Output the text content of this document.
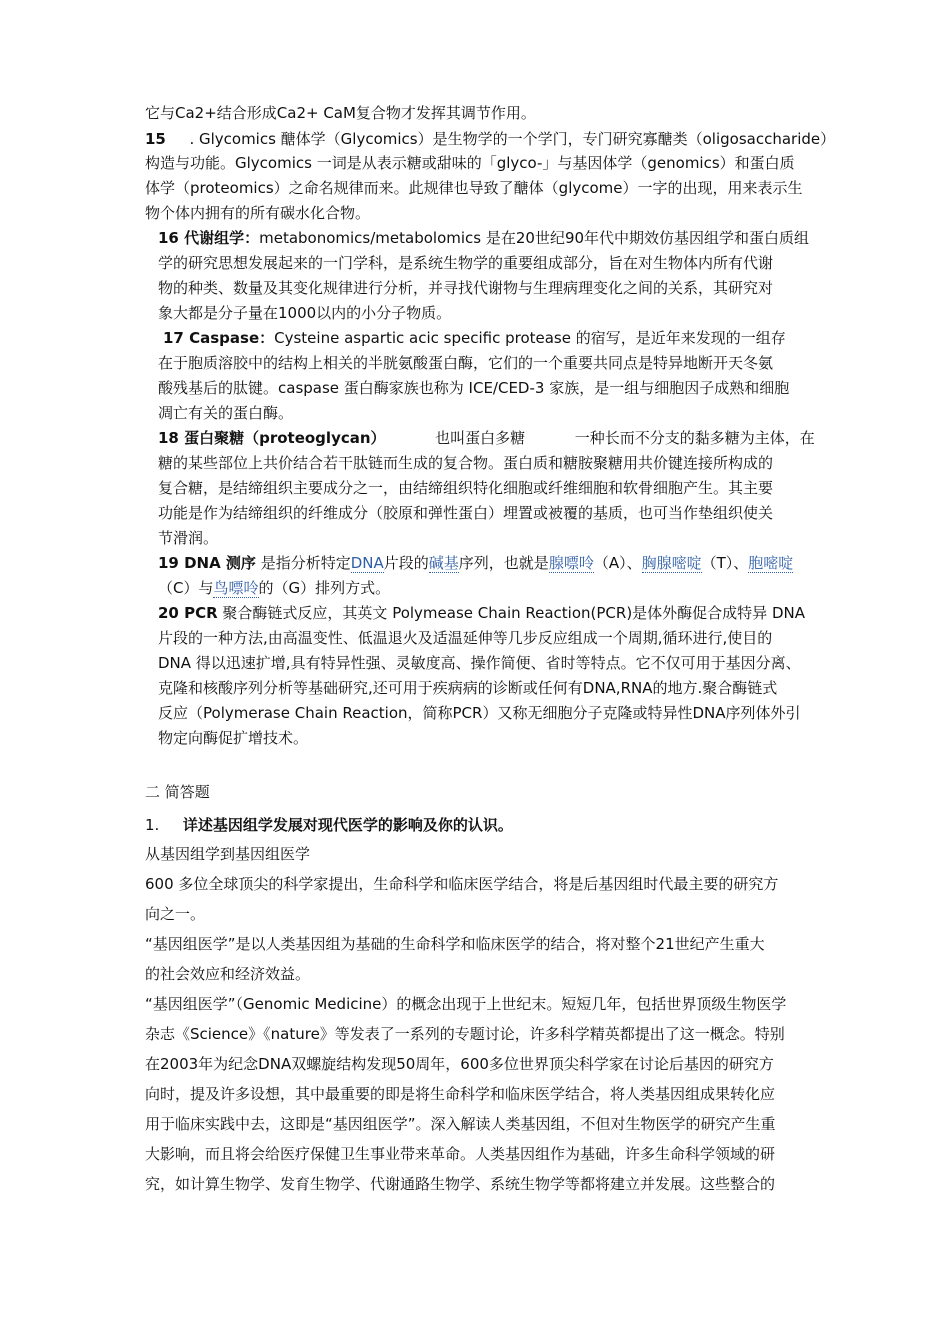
它与Ca2+结合形成Ca2+ CaM复合物才发挥其调节作用。
15 . Glycomics 醣体学（Glycomics）是生物学的一个学门，专门研究寡醣类（oligosaccharide）
构造与功能。Glycomics 一词是从表示糖或甜味的「glyco-」与基因体学（genomics）和蛋白质
体学（proteomics）之命名规律而来。此规律也导致了醣体（glycome）一字的出现，用来表示生
物个体内拥有的所有碳水化合物。
16 代谢组学：metabonomics/metabolomics 是在20世纪90年代中期效仿基因组学和蛋白质组
学的研究思想发展起来的一门学科，是系统生物学的重要组成部分，旨在对生物体内所有代谢
物的种类、数量及其变化规律进行分析，并寻找代谢物与生理病理变化之间的关系，其研究对
象大都是分子量在1000以内的小分子物质。
17 Caspase：Cysteine aspartic acic specific protease 的宿写，是近年来发现的一组存
在于胞质溶胶中的结构上相关的半胱氨酸蛋白酶，它们的一个重要共同点是特异地断开天冬氨
酸残基后的肽键。caspase 蛋白酶家族也称为 ICE/CED-3 家族，是一组与细胞因子成熟和细胞
凋亡有关的蛋白酶。
18 蛋白聚糖（proteoglycan）	也叫蛋白多糖	一种长而不分支的黏多糖为主体，在
糖的某些部位上共价结合若干肽链而生成的复合物。蛋白质和糖胺聚糖用共价键连接所构成的
复合糖，是结缔组织主要成分之一，由结缔组织特化细胞或纤维细胞和软骨细胞产生。其主要
功能是作为结缔组织的纤维成分（胶原和弹性蛋白）埋置或被覆的基质，也可当作垫组织使关
节滑润。
19 DNA 测序 是指分析特定DNA片段的碱基序列，也就是腺嘌呤（A）、胸腺嘧啶（T）、胞嘧啶
（C）与鸟嘌呤的（G）排列方式。
20 PCR 聚合酶链式反应，其英文 Polymease Chain Reaction(PCR)是体外酶促合成特异 DNA
片段的一种方法,由高温变性、低温退火及适温延伸等几步反应组成一个周期,循环进行,使目的
DNA 得以迅速扩增,具有特异性强、灵敏度高、操作简便、省时等特点。它不仅可用于基因分离、
克隆和核酸序列分析等基础研究,还可用于疾病病的诊断或任何有DNA,RNA的地方.聚合酶链式
反应（Polymerase Chain Reaction，简称PCR）又称无细胞分子克隆或特异性DNA序列体外引
物定向酶促扩增技术。
二 简答题
1. 详述基因组学发展对现代医学的影响及你的认识。
从基因组学到基因组医学
600 多位全球顶尖的科学家提出，生命科学和临床医学结合，将是后基因组时代最主要的研究方
向之一。
“基因组医学”是以人类基因组为基础的生命科学和临床医学的结合，将对整个21世纪产生重大
的社会效应和经济效益。
“基因组医学”（Genomic Medicine）的概念出现于上世纪末。短短几年，包括世界顶级生物医学
杂志《Science》《nature》等发表了一系列的专题讨论，许多科学精英都提出了这一概念。特别
在2003年为纪念DNA双螺旋结构发现50周年，600多位世界顶尖科学家在讨论后基因的研究方
向时，提及许多设想，其中最重要的即是将生命科学和临床医学结合，将人类基因组成果转化应
用于临床实践中去，这即是“基因组医学”。深入解读人类基因组，不但对生物医学的研究产生重
大影响，而且将会给医疗保健卫生事业带来革命。人类基因组作为基础，许多生命科学领域的研
究，如计算生物学、发育生物学、代谢通路生物学、系统生物学等都将建立并发展。这些整合的
